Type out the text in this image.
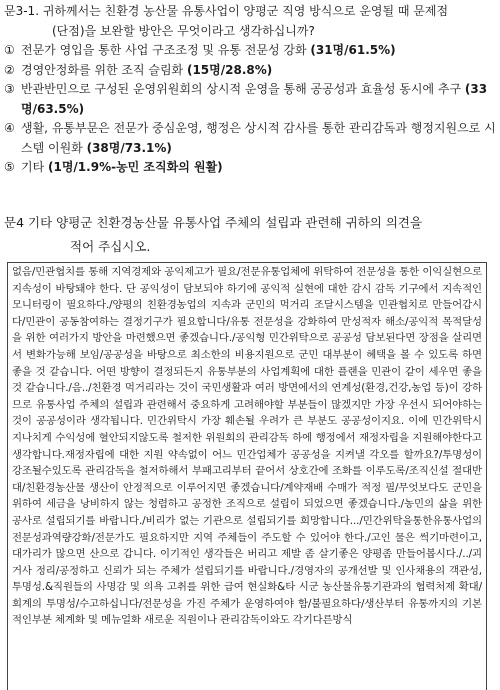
문3-1. 귀하께서는 친환경 농산물 유통사업이 양평군 직영 방식으로 운영될 때 문제점
(단점)을 보완할 방안은 무엇이라고 생각하십니까?
① 전문가 영입을 통한 사업 구조조정 및 유통 전문성 강화 (31명/61.5%)
② 경영안정화를 위한 조직 슬림화 (15명/28.8%)
③ 반관반민으로 구성된 운영위원회의 상시적 운영을 통해 공공성과 효율성 동시에 추구 (33명/63.5%)
④ 생활, 유통부문은 전문가 중심운영, 행정은 상시적 감사를 통한 관리감독과 행정지원으로 시스템 이원화 (38명/73.1%)
⑤ 기타 (1명/1.9%-농민 조직화의 원활)
문4 기타 양평군 친환경농산물 유통사업 주체의 설립과 관련해 귀하의 의견을
적어 주십시오.

없음/민관협치를 통해 지역경제와 공익제고가 필요/전문유통업체에 위탁하여 전문성을 통한 이익실현으로 지속성이 바탕돼야 한다. 단 공익성이 담보되야 하기에 공익적 실현에 대한 감시 감독 기구에서 지속적인 모니터링이 필요하다./양평의 친환경농업의 지속과 군민의 먹거리 조달시스템을 민관협치로 만들어갑시다/민관이 공동참여하는 결정기구가 필요합니다/유통 전문성을 강화하여 만성적자 해소/공익적 목적달성을 위한 여러가지 방안을 마련했으면 좋겠습니다./공익형 민간위탁으로 공공성 담보된다면 장점을 살리면서 변화가능해 보임/공공성을 바탕으로 최소한의 비용지원으로 군민 대부분이 혜택을 볼 수 있도록 하면 좋을 것 같습니다. 어떤 방향이 결정되든지 유통부분의 사업계획에 대한 플랜을 민관이 같이 세우면 좋을 것 같습니다./음../친환경 먹거리라는 것이 국민생활과 여러 방면에서의 연계성(환경,건강,농업 등)이 강하므로 유통사업 주체의 설립과 관련해서 중요하게 고려해야할 부분들이 많겠지만 가장 우선시 되어야하는것이 공공성이라 생각됩니다. 민간위탁시 가장 훼손될 우려가 큰 부분도 공공성이지요. 이에 민간위탁시 지나치게 수익성에 혈안되지않도록 철저한 위원회의 관리감독 하에 행정에서 재정자립을 지원해야한다고 생각합니다.재정자립에 대한 지원 약속없이 어느 민간업체가 공공성을 지켜낼 각오를 할까요?/투명성이 강조될수있도록 관리감독을 철저하해서 부패고리부터 끝어서 상호간에 조화를 이루도록/조직신설 절대반대/친환경농산물 생산이 안정적으로 이루어지면 좋겠습니다/계약재배 수매가 적정 필/무엇보다도 군민을 위하여 세금을 낭비하지 않는 청렴하고 공정한 조직으로 설립이 되었으면 좋겠습니다./농민의 삶을 위한 공사로 설립되기를 바랍니다./비리가 없는 기관으로 설립되기를 희망합니다.../민간위탁을통한유통사업의전문성과역량강화/전문가도 필요하지만 지역 주체들이 주도할 수 있어야 한다./고인 물은 썩기마련이고, 대가리가 많으면 산으로 갑니다. 이기적인 생각들은 버리고 제발 좀 살기좋은 양평좀 만들어봅시다./../괴거사 정리/공정하고 신뢰가 되는 주체가 설립되기를 바랍니다./경영자의 공개선발 및 인사채용의 객관성, 투명성.&직원들의 사명감 및 의욕 고취를 위한 급여 현실화&타 시군 농산물유통기관과의 협력처제 확대/회계의 투명성/수고하십니다/전문성을 가진 주체가 운영하여야 함/불필요하다/생산부터 유통까지의 기본적인부분 체계화 및 메뉴얼화 새로운 직원이나 관리감독이와도 각기다른방식
